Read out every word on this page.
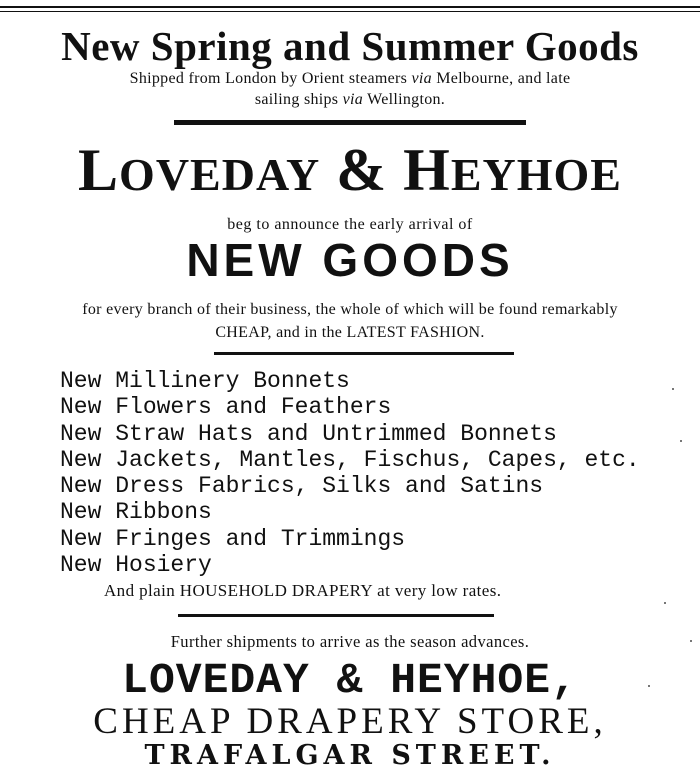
New Spring and Summer Goods
Shipped from London by Orient steamers via Melbourne, and late
sailing ships via Wellington.
LOVEDAY & HEYHOE
beg to announce the early arrival of
NEW GOODS
for every branch of their business, the whole of which will be found remarkably
CHEAP, and in the LATEST FASHION.
New Millinery Bonnets
New Flowers and Feathers
New Straw Hats and Untrimmed Bonnets
New Jackets, Mantles, Fischus, Capes, etc.
New Dress Fabrics, Silks and Satins
New Ribbons
New Fringes and Trimmings
New Hosiery
And plain HOUSEHOLD DRAPERY at very low rates.
Further shipments to arrive as the season advances.
LOVEDAY & HEYHOE,
CHEAP DRAPERY STORE,
TRAFALGAR STREET.
